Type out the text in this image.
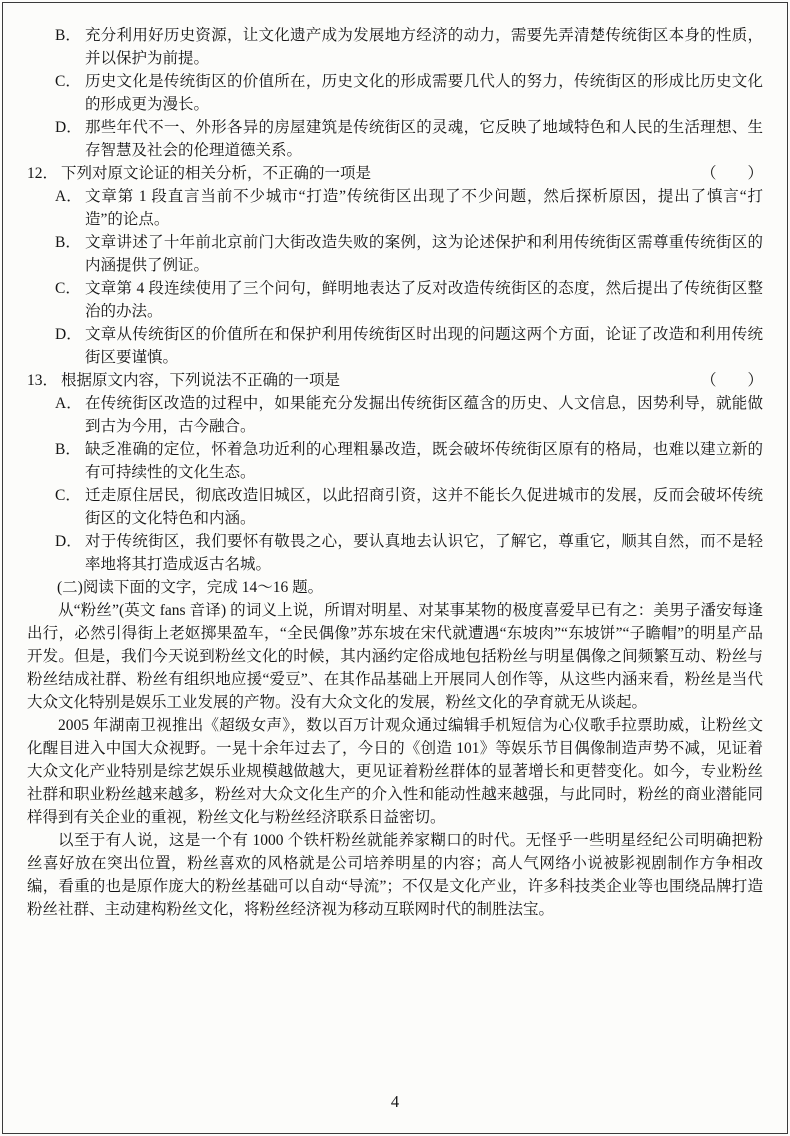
B． 充分利用好历史资源，让文化遗产成为发展地方经济的动力，需要先弄清楚传统街区本身的性质，并以保护为前提。
C． 历史文化是传统街区的价值所在，历史文化的形成需要几代人的努力，传统街区的形成比历史文化的形成更为漫长。
D． 那些年代不一、外形各异的房屋建筑是传统街区的灵魂，它反映了地域特色和人民的生活理想、生存智慧及社会的伦理道德关系。
12． 下列对原文论证的相关分析，不正确的一项是	（　　）
A． 文章第 1 段直言当前不少城市“打造”传统街区出现了不少问题，然后探析原因，提出了慎言“打造”的论点。
B． 文章讲述了十年前北京前门大街改造失败的案例，这为论述保护和利用传统街区需尊重传统街区的内涵提供了例证。
C． 文章第 4 段连续使用了三个问句，鲜明地表达了反对改造传统街区的态度，然后提出了传统街区整治的办法。
D． 文章从传统街区的价值所在和保护利用传统街区时出现的问题这两个方面，论证了改造和利用传统街区要谨慎。
13． 根据原文内容，下列说法不正确的一项是	（　　）
A． 在传统街区改造的过程中，如果能充分发掘出传统街区蕴含的历史、人文信息，因势利导，就能做到古为今用，古今融合。
B． 缺乏准确的定位，怀着急功近利的心理粗暴改造，既会破坏传统街区原有的格局，也难以建立新的有可持续性的文化生态。
C． 迁走原住居民，彻底改造旧城区，以此招商引资，这并不能长久促进城市的发展，反而会破坏传统街区的文化特色和内涵。
D． 对于传统街区，我们要怀有敬畏之心，要认真地去认识它，了解它，尊重它，顺其自然，而不是轻率地将其打造成返古名城。
(二)阅读下面的文字，完成 14～16 题。

从“粉丝”(英文 fans 音译) 的词义上说，所谓对明星、对某事某物的极度喜爱早已有之：美男子潘安每逢出行，必然引得街上老妪掷果盈车，“全民偶像”苏东坡在宋代就遭遇“东坡肉”“东坡饼”“子瞻帽”的明星产品开发。但是，我们今天说到粉丝文化的时候，其内涵约定俗成地包括粉丝与明星偶像之间频繁互动、粉丝与粉丝结成社群、粉丝有组织地应援“爱豆”、在其作品基础上开展同人创作等，从这些内涵来看，粉丝是当代大众文化特别是娱乐工业发展的产物。没有大众文化的发展，粉丝文化的孕育就无从谈起。

2005 年湖南卫视推出《超级女声》，数以百万计观众通过编辑手机短信为心仪歌手拉票助威，让粉丝文化醒目进入中国大众视野。一晃十余年过去了，今日的《创造 101》等娱乐节目偶像制造声势不减，见证着大众文化产业特别是综艺娱乐业规模越做越大，更见证着粉丝群体的显著增长和更替变化。如今，专业粉丝社群和职业粉丝越来越多，粉丝对大众文化生产的介入性和能动性越来越强，与此同时，粉丝的商业潜能同样得到有关企业的重视，粉丝文化与粉丝经济联系日益密切。

以至于有人说，这是一个有 1000 个铁杆粉丝就能养家糊口的时代。无怪乎一些明星经纪公司明确把粉丝喜好放在突出位置，粉丝喜欢的风格就是公司培养明星的内容；高人气网络小说被影视剧制作方争相改编，看重的也是原作庞大的粉丝基础可以自动“导流”；不仅是文化产业，许多科技类企业等也围绕品牌打造粉丝社群、主动建构粉丝文化，将粉丝经济视为移动互联网时代的制胜法宝。

4
